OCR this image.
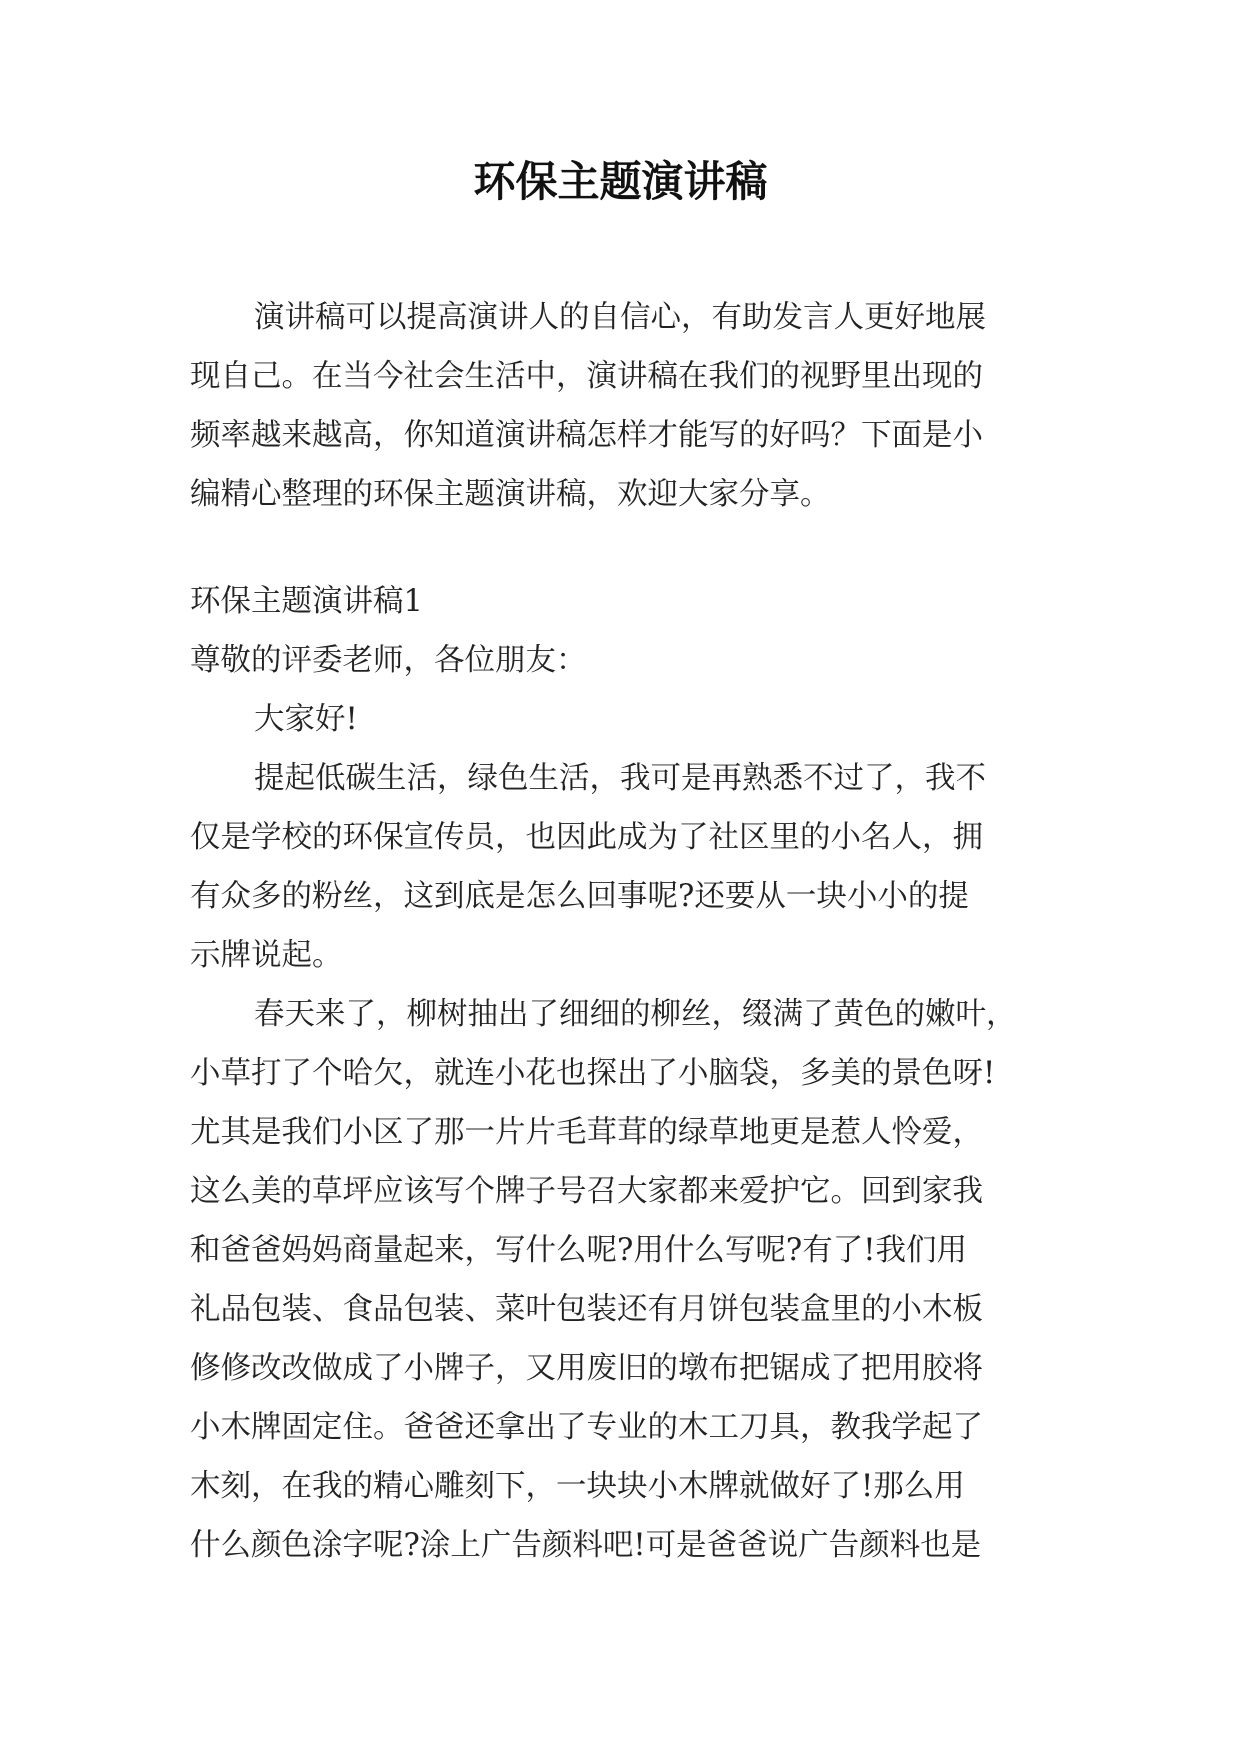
环保主题演讲稿
演讲稿可以提高演讲人的自信心，有助发言人更好地展
现自己。在当今社会生活中，演讲稿在我们的视野里出现的
频率越来越高，你知道演讲稿怎样才能写的好吗？下面是小
编精心整理的环保主题演讲稿，欢迎大家分享。
环保主题演讲稿1
尊敬的评委老师，各位朋友：
大家好!
提起低碳生活，绿色生活，我可是再熟悉不过了，我不
仅是学校的环保宣传员，也因此成为了社区里的小名人，拥
有众多的粉丝，这到底是怎么回事呢?还要从一块小小的提
示牌说起。
春天来了，柳树抽出了细细的柳丝，缀满了黄色的嫩叶，
小草打了个哈欠，就连小花也探出了小脑袋，多美的景色呀!
尤其是我们小区了那一片片毛茸茸的绿草地更是惹人怜爱，
这么美的草坪应该写个牌子号召大家都来爱护它。回到家我
和爸爸妈妈商量起来，写什么呢?用什么写呢?有了!我们用
礼品包装、食品包装、菜叶包装还有月饼包装盒里的小木板
修修改改做成了小牌子，又用废旧的墩布把锯成了把用胶将
小木牌固定住。爸爸还拿出了专业的木工刀具，教我学起了
木刻，在我的精心雕刻下，一块块小木牌就做好了!那么用
什么颜色涂字呢?涂上广告颜料吧!可是爸爸说广告颜料也是
